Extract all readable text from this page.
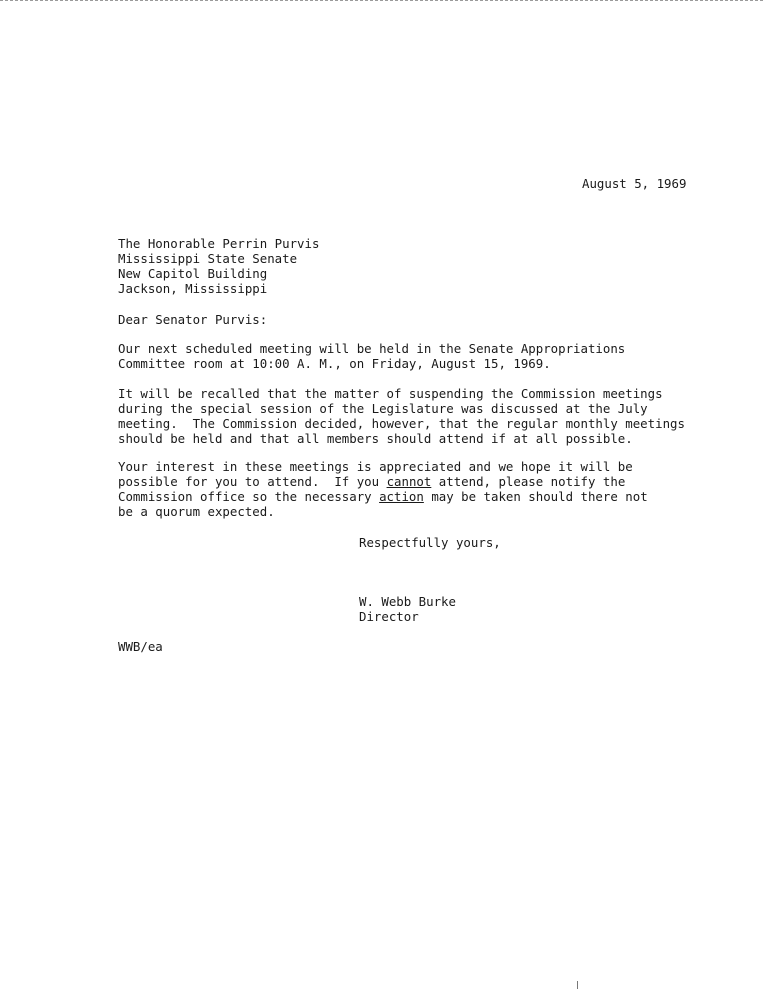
August 5, 1969
The Honorable Perrin Purvis
Mississippi State Senate
New Capitol Building
Jackson, Mississippi
Dear Senator Purvis:
Our next scheduled meeting will be held in the Senate Appropriations
Committee room at 10:00 A. M., on Friday, August 15, 1969.
It will be recalled that the matter of suspending the Commission meetings
during the special session of the Legislature was discussed at the July
meeting.  The Commission decided, however, that the regular monthly meetings
should be held and that all members should attend if at all possible.
Your interest in these meetings is appreciated and we hope it will be
possible for you to attend.  If you cannot attend, please notify the
Commission office so the necessary action may be taken should there not
be a quorum expected.
Respectfully yours,
W. Webb Burke
Director
WWB/ea
